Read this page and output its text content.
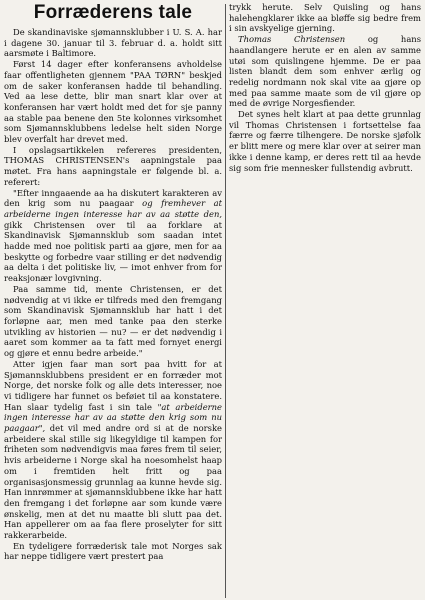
Forræderens tale

De skandinaviske sjømannsklubber i U. S. A. har i dagene 30. januar til 3. februar d. a. holdt sitt aarsmøte i Baltimore.

Først 14 dager efter konferansens avholdelse faar offentligheten gjennem "PAA TØRN" beskjed om de saker konferansen hadde til behandling. Ved aa lese dette, blir man snart klar over at konferansen har vært holdt med det for sje panny aa stable paa benene den 5te kolonnes virksomhet som Sjømannsklubbens ledelse helt siden Norge blev overfalt har drevet med.

I opslagsartikkelen refereres presidenten, THOMAS CHRISTENSEN's aapningstale paa møtet. Fra hans aapningstale er følgende bl. a. referert:

"Efter inngaaende aa ha diskutert karakteren av den krig som nu paagaar og fremhever at arbeiderne ingen interesse har av aa støtte den, gikk Christensen over til aa forklare at Skandinavisk Sjømannsklub som saadan intet hadde med noe politisk parti aa gjøre, men for aa beskytte og forbedre vaar stilling er det nødvendig aa delta i det politiske liv, — imot enhver from for reaksjonær lovgivning.

Paa samme tid, mente Christensen, er det nødvendig at vi ikke er tilfreds med den fremgang som Skandinavisk Sjømannsklub har hatt i det forløpne aar, men med tanke paa den sterke utvikling av historien — nu? — er det nødvendig i aaret som kommer aa ta fatt med fornyet energi og gjøre et ennu bedre arbeide."

Atter igjen faar man sort paa hvitt for at Sjømannsklubbens president er en forræder mot Norge, det norske folk og alle dets interesser, noe vi tidligere har funnet os beføiet til aa konstatere. Han slaar tydelig fast i sin tale "at arbeiderne ingen interesse har av aa støtte den krig som nu paagaar", det vil med andre ord si at de norske arbeidere skal stille sig likegyldige til kampen for friheten som nødvendigvis maa føres frem til seier, hvis arbeiderne i Norge skal ha noesomhelst haap om i fremtiden helt fritt og paa organisasjonsmessig grunnlag aa kunne hevde sig. Han innrømmer at sjømannsklubbene ikke har hatt den fremgang i det forløpne aar som kunde være ønskelig, men at det nu maatte bli slutt paa det. Han appellerer om aa faa flere proselyter for sitt rakkerarbeide.

En tydeligere forræderisk tale mot Norges sak har neppe tidligere vært prestert paa

trykk herute. Selv Quisling og hans halehengklarer ikke aa bløffe sig bedre frem i sin avskyelige gjerning.

Thomas Christensen og hans haandlangere herute er en alen av samme utøi som quislingene hjemme. De er paa listen blandt dem som enhver ærlig og redelig nordmann nok skal vite aa gjøre op med paa samme maate som de vil gjøre op med de øvrige Norgesfiender.

Det synes helt klart at paa dette grunnlag vil Thomas Christensen i fortsettelse faa færre og færre tilhengere. De norske sjøfolk er blitt mere og mere klar over at seirer man ikke i denne kamp, er deres rett til aa hevde sig som frie mennesker fullstendig avbrutt.
